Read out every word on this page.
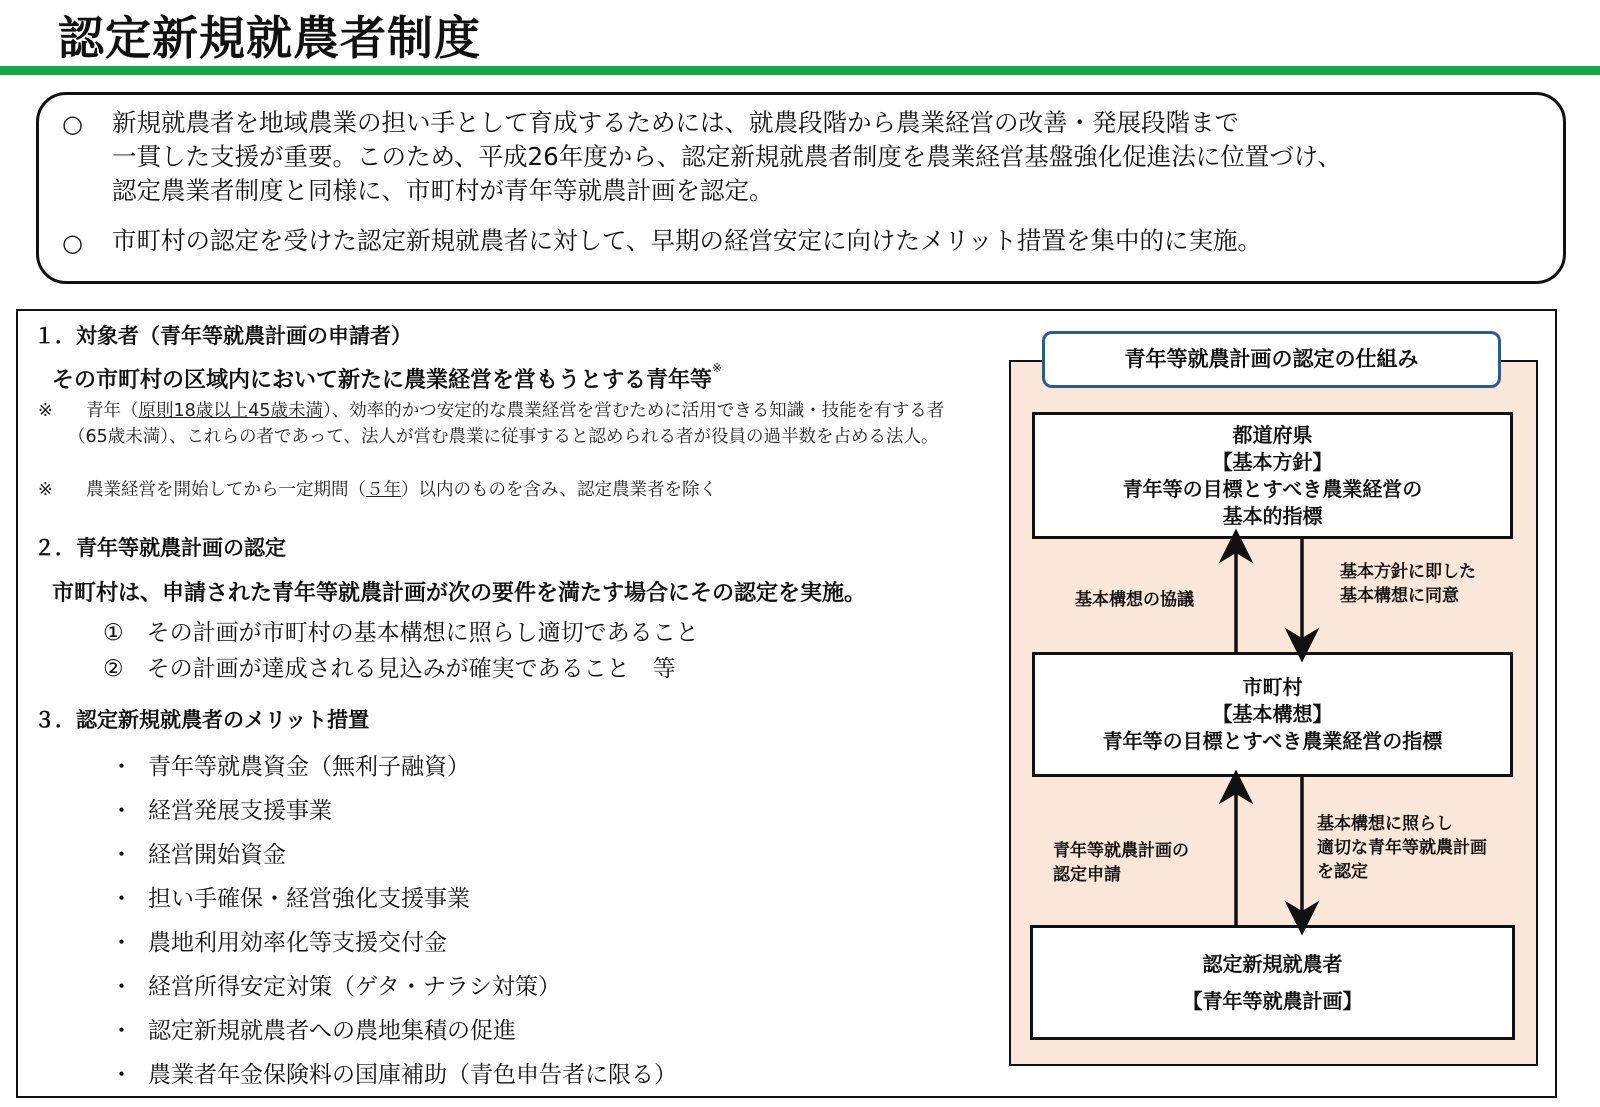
認定新規就農者制度
○ 新規就農者を地域農業の担い手として育成するためには、就農段階から農業経営の改善・発展段階まで
一貫した支援が重要。このため、平成26年度から、認定新規就農者制度を農業経営基盤強化促進法に位置づけ、
認定農業者制度と同様に、市町村が青年等就農計画を認定。
○ 市町村の認定を受けた認定新規就農者に対して、早期の経営安定に向けたメリット措置を集中的に実施。
１．対象者（青年等就農計画の申請者）
その市町村の区域内において新たに農業経営を営もうとする青年等※
※ 青年（原則18歳以上45歳未満）、効率的かつ安定的な農業経営を営むために活用できる知識・技能を有する者（65歳未満）、これらの者であって、法人が営む農業に従事すると認められる者が役員の過半数を占める法人。
※ 農業経営を開始してから一定期間（５年）以内のものを含み、認定農業者を除く
２．青年等就農計画の認定
市町村は、申請された青年等就農計画が次の要件を満たす場合にその認定を実施。
①　その計画が市町村の基本構想に照らし適切であること
②　その計画が達成される見込みが確実であること　等
３．認定新規就農者のメリット措置
・ 青年等就農資金（無利子融資）
・ 経営発展支援事業
・ 経営開始資金
・ 担い手確保・経営強化支援事業
・ 農地利用効率化等支援交付金
・ 経営所得安定対策（ゲタ・ナラシ対策）
・ 認定新規就農者への農地集積の促進
・ 農業者年金保険料の国庫補助（青色申告者に限る）
青年等就農計画の認定の仕組み
都道府県
【基本方針】
青年等の目標とすべき農業経営の
基本的指標
市町村
【基本構想】
青年等の目標とすべき農業経営の指標
認定新規就農者
【青年等就農計画】
基本構想の協議
基本方針に即した
基本構想に同意
青年等就農計画の
認定申請
基本構想に照らし
適切な青年等就農計画
を認定
